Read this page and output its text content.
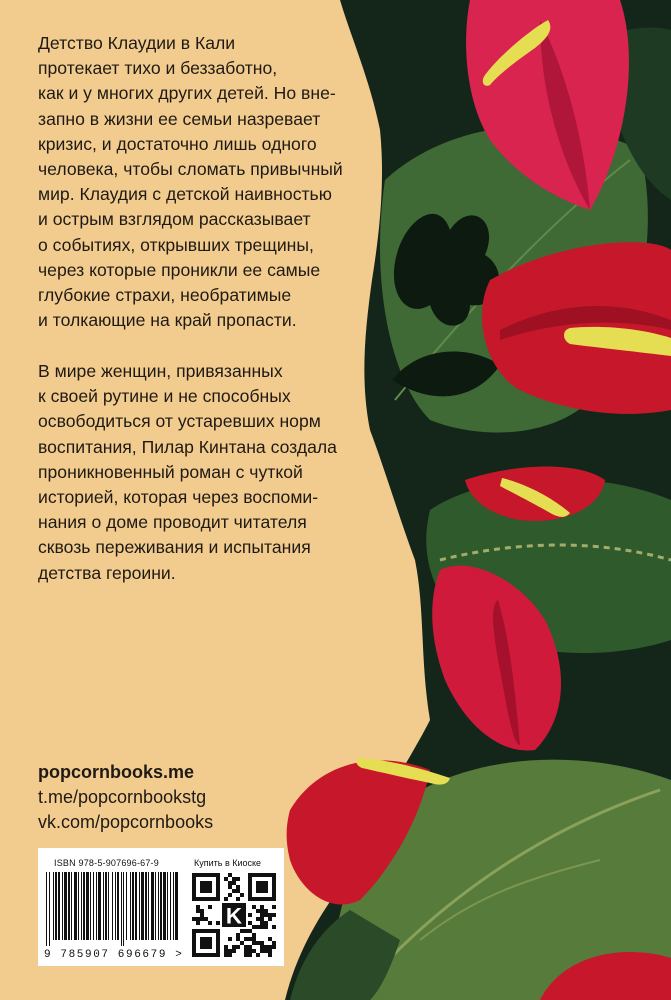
Детство Клаудии в Кали
протекает тихо и беззаботно,
как и у многих других детей. Но вне-
запно в жизни ее семьи назревает
кризис, и достаточно лишь одного
человека, чтобы сломать привычный
мир. Клаудия с детской наивностью
и острым взглядом рассказывает
о событиях, открывших трещины,
через которые проникли ее самые
глубокие страхи, необратимые
и толкающие на край пропасти.

В мире женщин, привязанных
к своей рутине и не способных
освободиться от устаревших норм
воспитания, Пилар Кинтана создала
проникновенный роман с чуткой
историей, которая через воспоми-
нания о доме проводит читателя
сквозь переживания и испытания
детства героини.

popcornbooks.me
t.me/popcornbookstg
vk.com/popcornbooks
ISBN 978-5-907696-67-9
9 785907 696679 >
Купить в Киоске
K
